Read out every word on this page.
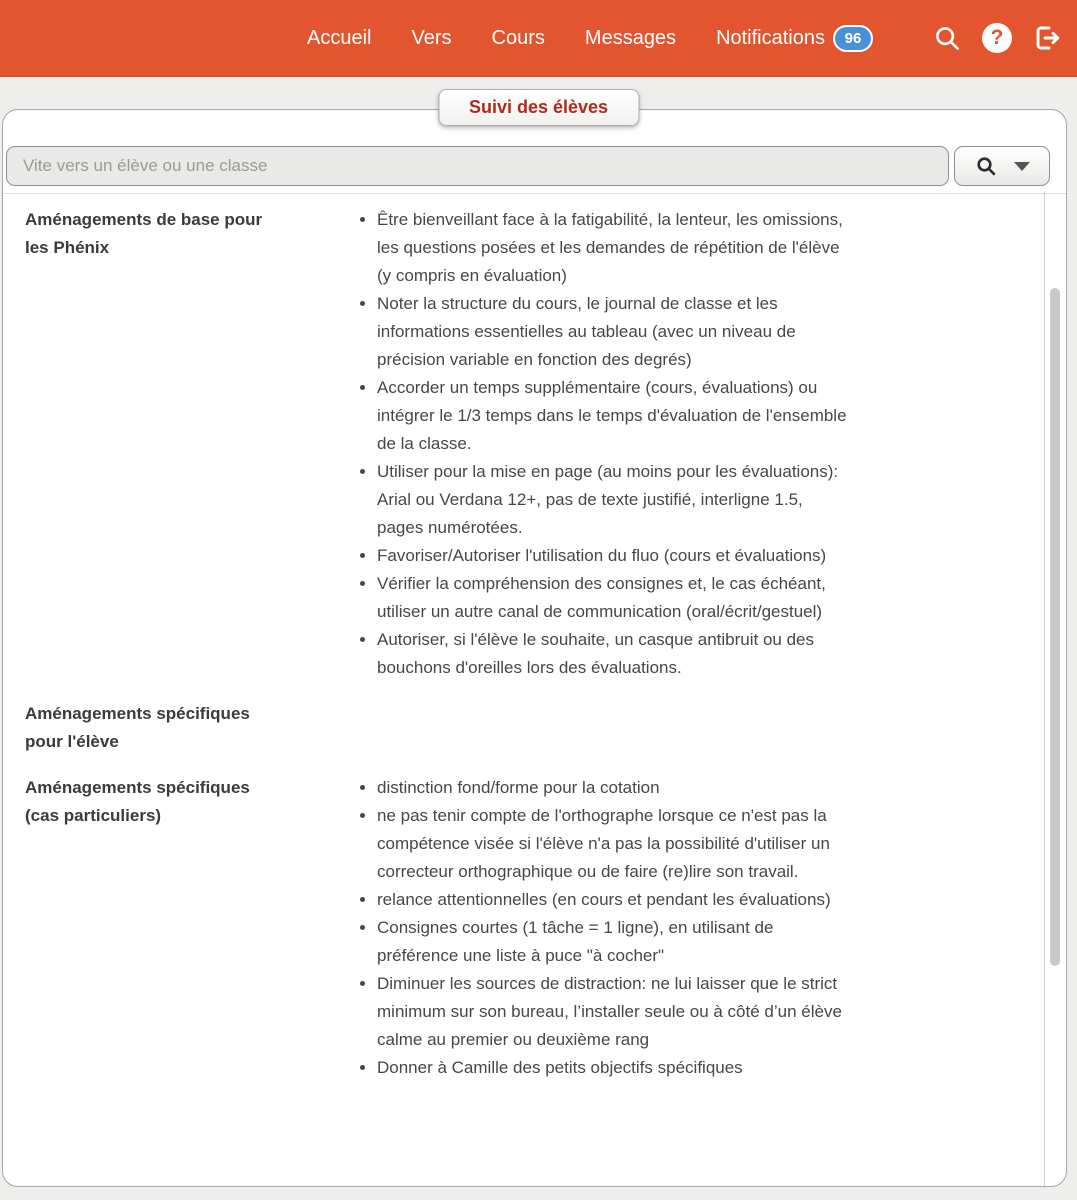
Accueil Vers Cours Messages Notifications	96	?
Suivi des élèves
Vite vers un élève ou une classe
Aménagements de base pour les Phénix
• Être bienveillant face à la fatigabilité, la lenteur, les omissions, les questions posées et les demandes de répétition de l'élève (y compris en évaluation)
• Noter la structure du cours, le journal de classe et les informations essentielles au tableau (avec un niveau de précision variable en fonction des degrés)
• Accorder un temps supplémentaire (cours, évaluations) ou intégrer le 1/3 temps dans le temps d'évaluation de l'ensemble de la classe.
• Utiliser pour la mise en page (au moins pour les évaluations): Arial ou Verdana 12+, pas de texte justifié, interligne 1.5, pages numérotées.
• Favoriser/Autoriser l'utilisation du fluo (cours et évaluations)
• Vérifier la compréhension des consignes et, le cas échéant, utiliser un autre canal de communication (oral/écrit/gestuel)
• Autoriser, si l'élève le souhaite, un casque antibruit ou des bouchons d'oreilles lors des évaluations.
Aménagements spécifiques pour l'élève
Aménagements spécifiques (cas particuliers)
• distinction fond/forme pour la cotation
• ne pas tenir compte de l'orthographe lorsque ce n'est pas la compétence visée si l'élève n'a pas la possibilité d'utiliser un correcteur orthographique ou de faire (re)lire son travail.
• relance attentionnelles (en cours et pendant les évaluations)
• Consignes courtes (1 tâche = 1 ligne), en utilisant de préférence une liste à puce "à cocher"
• Diminuer les sources de distraction: ne lui laisser que le strict minimum sur son bureau, l’installer seule ou à côté d’un élève calme au premier ou deuxième rang
• Donner à Camille des petits objectifs spécifiques
